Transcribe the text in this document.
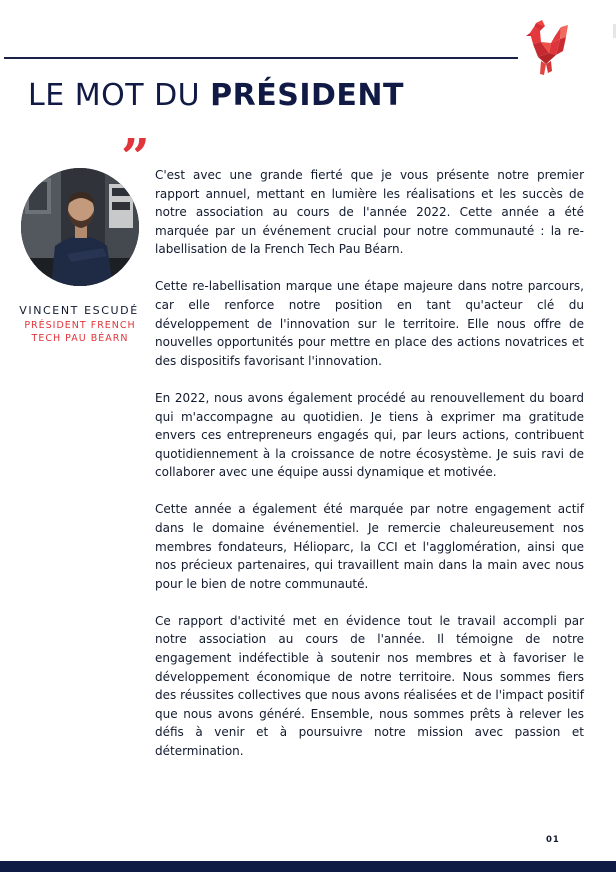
LE MOT DU PRÉSIDENT
”
VINCENT ESCUDÉ
PRÉSIDENT FRENCH TECH PAU BÉARN

C'est avec une grande fierté que je vous présente notre premier rapport annuel, mettant en lumière les réalisations et les succès de notre association au cours de l'année 2022. Cette année a été marquée par un événement crucial pour notre communauté : la re-labellisation de la French Tech Pau Béarn.

Cette re-labellisation marque une étape majeure dans notre parcours, car elle renforce notre position en tant qu'acteur clé du développement de l'innovation sur le territoire. Elle nous offre de nouvelles opportunités pour mettre en place des actions novatrices et des dispositifs favorisant l'innovation.

En 2022, nous avons également procédé au renouvellement du board qui m'accompagne au quotidien. Je tiens à exprimer ma gratitude envers ces entrepreneurs engagés qui, par leurs actions, contribuent quotidiennement à la croissance de notre écosystème. Je suis ravi de collaborer avec une équipe aussi dynamique et motivée.

Cette année a également été marquée par notre engagement actif dans le domaine événementiel. Je remercie chaleureusement nos membres fondateurs, Hélioparc, la CCI et l'agglomération, ainsi que nos précieux partenaires, qui travaillent main dans la main avec nous pour le bien de notre communauté.

Ce rapport d'activité met en évidence tout le travail accompli par notre association au cours de l'année. Il témoigne de notre engagement indéfectible à soutenir nos membres et à favoriser le développement économique de notre territoire. Nous sommes fiers des réussites collectives que nous avons réalisées et de l'impact positif que nous avons généré. Ensemble, nous sommes prêts à relever les défis à venir et à poursuivre notre mission avec passion et détermination.

01
